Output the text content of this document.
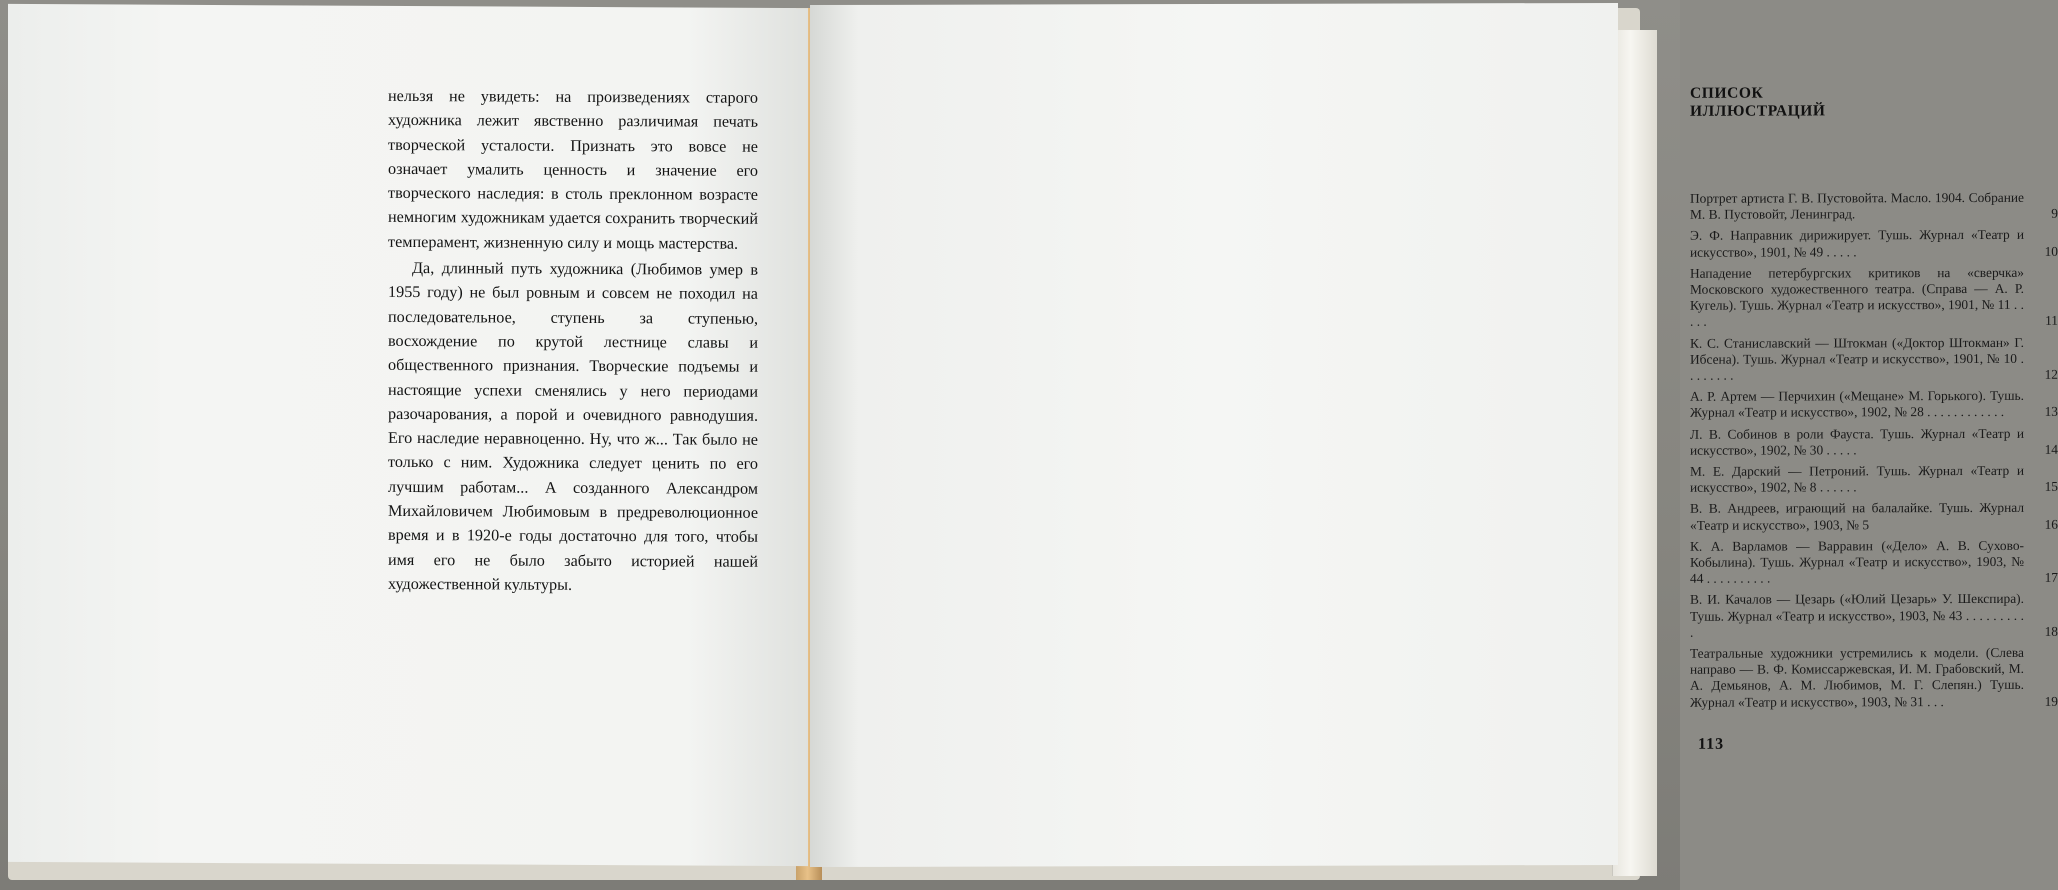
нельзя не увидеть: на произведениях старого художника лежит явственно различимая печать творческой усталости. Признать это вовсе не означает умалить ценность и значение его творческого наследия: в столь преклонном возрасте немногим художникам удается сохранить творческий темперамент, жизненную силу и мощь мастерства.

Да, длинный путь художника (Любимов умер в 1955 году) не был ровным и совсем не походил на последовательное, ступень за ступенью, восхождение по крутой лестнице славы и общественного признания. Творческие подъемы и настоящие успехи сменялись у него периодами разочарования, а порой и очевидного равнодушия. Его наследие неравноценно. Ну, что ж... Так было не только с ним. Художника следует ценить по его лучшим работам... А созданного Александром Михайловичем Любимовым в предреволюционное время и в 1920-е годы достаточно для того, чтобы имя его не было забыто историей нашей художественной культуры.

СПИСОК ИЛЛЮСТРАЦИЙ
Портрет артиста Г. В. Пустовойта. Масло. 1904. Собрание М. В. Пустовойт, Ленинград.	9
Э. Ф. Направник дирижирует. Тушь. Журнал «Театр и искусство», 1901, № 49 . . . . .	10
Нападение петербургских критиков на «сверчка» Московского художественного театра. (Справа — А. Р. Кугель). Тушь. Журнал «Театр и искусство», 1901, № 11 . . . . .	11
К. С. Станиславский — Штокман («Доктор Штокман» Г. Ибсена). Тушь. Журнал «Театр и искусство», 1901, № 10 . . . . . . . .	12
А. Р. Артем — Перчихин («Мещане» М. Горького). Тушь. Журнал «Театр и искусство», 1902, № 28 . . . . . . . . . . . .	13
Л. В. Собинов в роли Фауста. Тушь. Журнал «Театр и искусство», 1902, № 30 . . . . .	14
М. Е. Дарский — Петроний. Тушь. Журнал «Театр и искусство», 1902, № 8 . . . . . .	15
В. В. Андреев, играющий на балалайке. Тушь. Журнал «Театр и искусство», 1903, № 5	16
К. А. Варламов — Варравин («Дело» А. В. Сухово-Кобылина). Тушь. Журнал «Театр и искусство», 1903, № 44 . . . . . . . . . .	17
В. И. Качалов — Цезарь («Юлий Цезарь» У. Шекспира). Тушь. Журнал «Театр и искусство», 1903, № 43 . . . . . . . . . .	18
Театральные художники устремились к модели. (Слева направо — В. Ф. Комиссаржевская, И. М. Грабовский, М. А. Демьянов, А. М. Любимов, М. Г. Слепян.) Тушь. Журнал «Театр и искусство», 1903, № 31 . . .	19
113
